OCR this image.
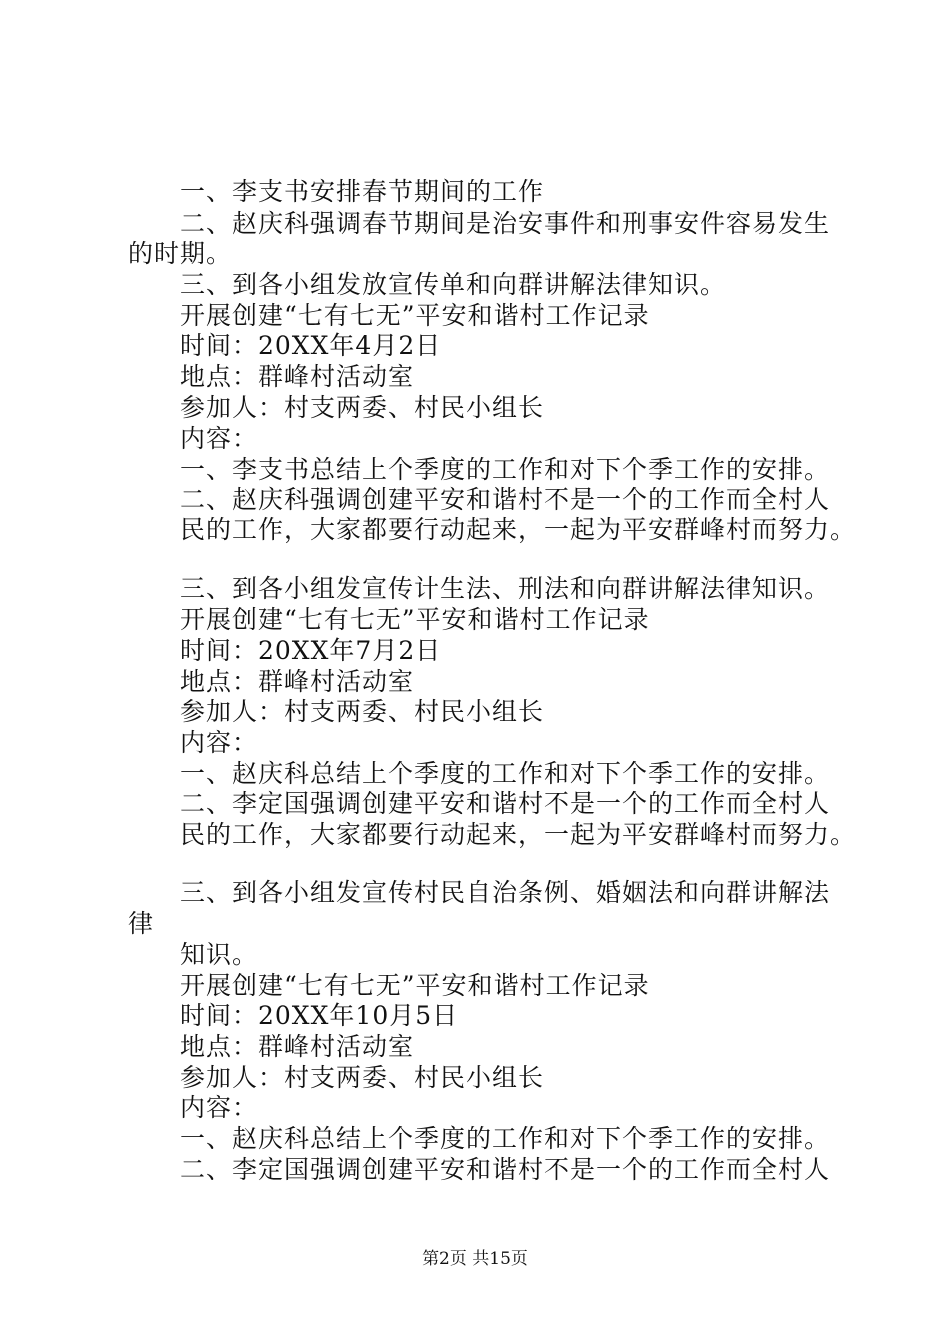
一、李支书安排春节期间的工作
二、赵庆科强调春节期间是治安事件和刑事安件容易发生
的时期。
三、到各小组发放宣传单和向群讲解法律知识。
开展创建“七有七无”平安和谐村工作记录
时间：20XX年4月2日
地点：群峰村活动室
参加人：村支两委、村民小组长
内容：
一、李支书总结上个季度的工作和对下个季工作的安排。
二、赵庆科强调创建平安和谐村不是一个的工作而全村人
民的工作，大家都要行动起来，一起为平安群峰村而努力。
三、到各小组发宣传计生法、刑法和向群讲解法律知识。
开展创建“七有七无”平安和谐村工作记录
时间：20XX年7月2日
地点：群峰村活动室
参加人：村支两委、村民小组长
内容：
一、赵庆科总结上个季度的工作和对下个季工作的安排。
二、李定国强调创建平安和谐村不是一个的工作而全村人
民的工作，大家都要行动起来，一起为平安群峰村而努力。
三、到各小组发宣传村民自治条例、婚姻法和向群讲解法
律
知识。
开展创建“七有七无”平安和谐村工作记录
时间：20XX年10月5日
地点：群峰村活动室
参加人：村支两委、村民小组长
内容：
一、赵庆科总结上个季度的工作和对下个季工作的安排。
二、李定国强调创建平安和谐村不是一个的工作而全村人
第2页 共15页
